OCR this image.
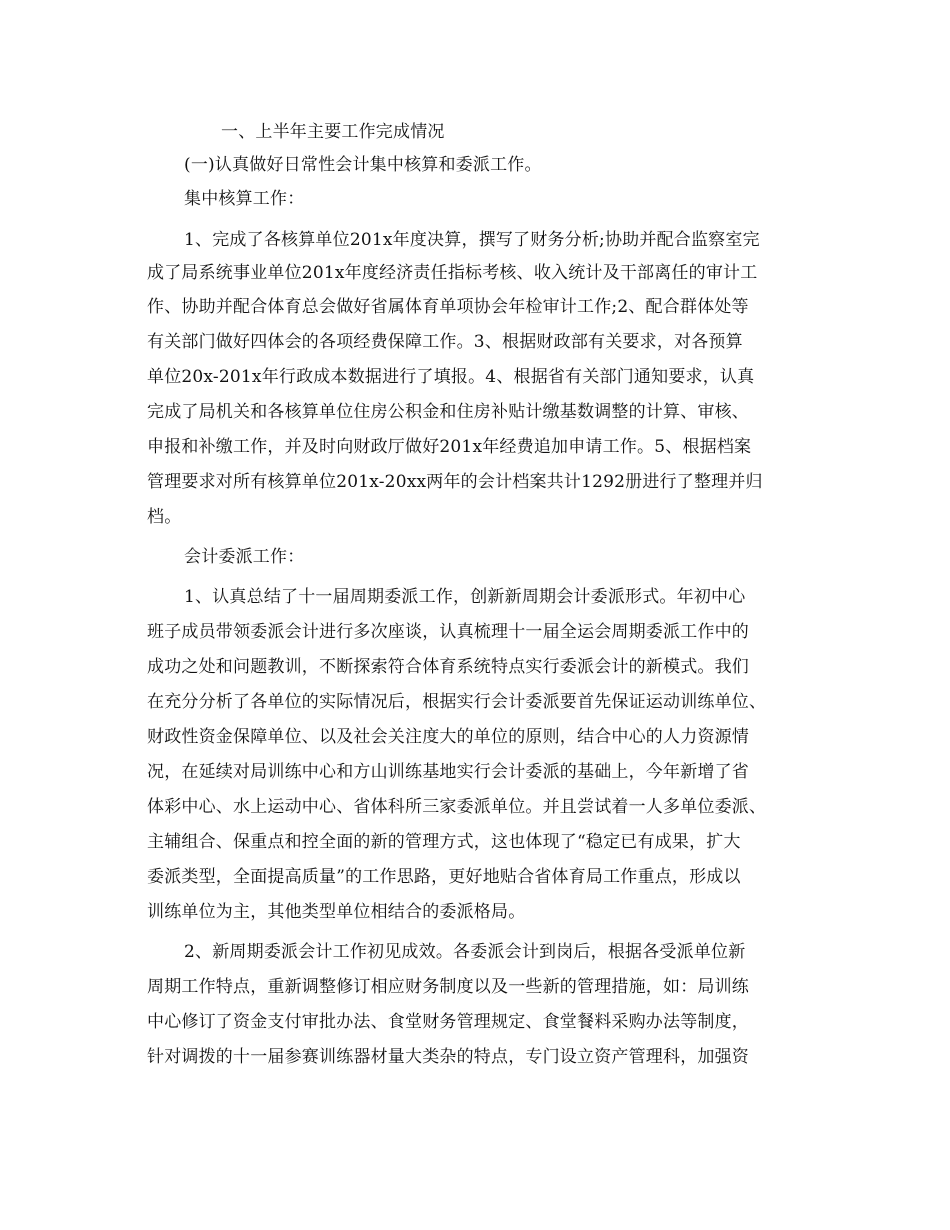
一、上半年主要工作完成情况
(一)认真做好日常性会计集中核算和委派工作。
集中核算工作：
1、完成了各核算单位201x年度决算，撰写了财务分析;协助并配合监察室完
成了局系统事业单位201x年度经济责任指标考核、收入统计及干部离任的审计工
作、协助并配合体育总会做好省属体育单项协会年检审计工作;2、配合群体处等
有关部门做好四体会的各项经费保障工作。3、根据财政部有关要求，对各预算
单位20x-201x年行政成本数据进行了填报。4、根据省有关部门通知要求，认真
完成了局机关和各核算单位住房公积金和住房补贴计缴基数调整的计算、审核、
申报和补缴工作，并及时向财政厅做好201x年经费追加申请工作。5、根据档案
管理要求对所有核算单位201x-20xx两年的会计档案共计1292册进行了整理并归
档。
会计委派工作：
1、认真总结了十一届周期委派工作，创新新周期会计委派形式。年初中心
班子成员带领委派会计进行多次座谈，认真梳理十一届全运会周期委派工作中的
成功之处和问题教训，不断探索符合体育系统特点实行委派会计的新模式。我们
在充分分析了各单位的实际情况后，根据实行会计委派要首先保证运动训练单位、
财政性资金保障单位、以及社会关注度大的单位的原则，结合中心的人力资源情
况，在延续对局训练中心和方山训练基地实行会计委派的基础上，今年新增了省
体彩中心、水上运动中心、省体科所三家委派单位。并且尝试着一人多单位委派、
主辅组合、保重点和控全面的新的管理方式，这也体现了“稳定已有成果，扩大
委派类型，全面提高质量”的工作思路，更好地贴合省体育局工作重点，形成以
训练单位为主，其他类型单位相结合的委派格局。
2、新周期委派会计工作初见成效。各委派会计到岗后，根据各受派单位新
周期工作特点，重新调整修订相应财务制度以及一些新的管理措施，如：局训练
中心修订了资金支付审批办法、食堂财务管理规定、食堂餐料采购办法等制度，
针对调拨的十一届参赛训练器材量大类杂的特点，专门设立资产管理科，加强资
